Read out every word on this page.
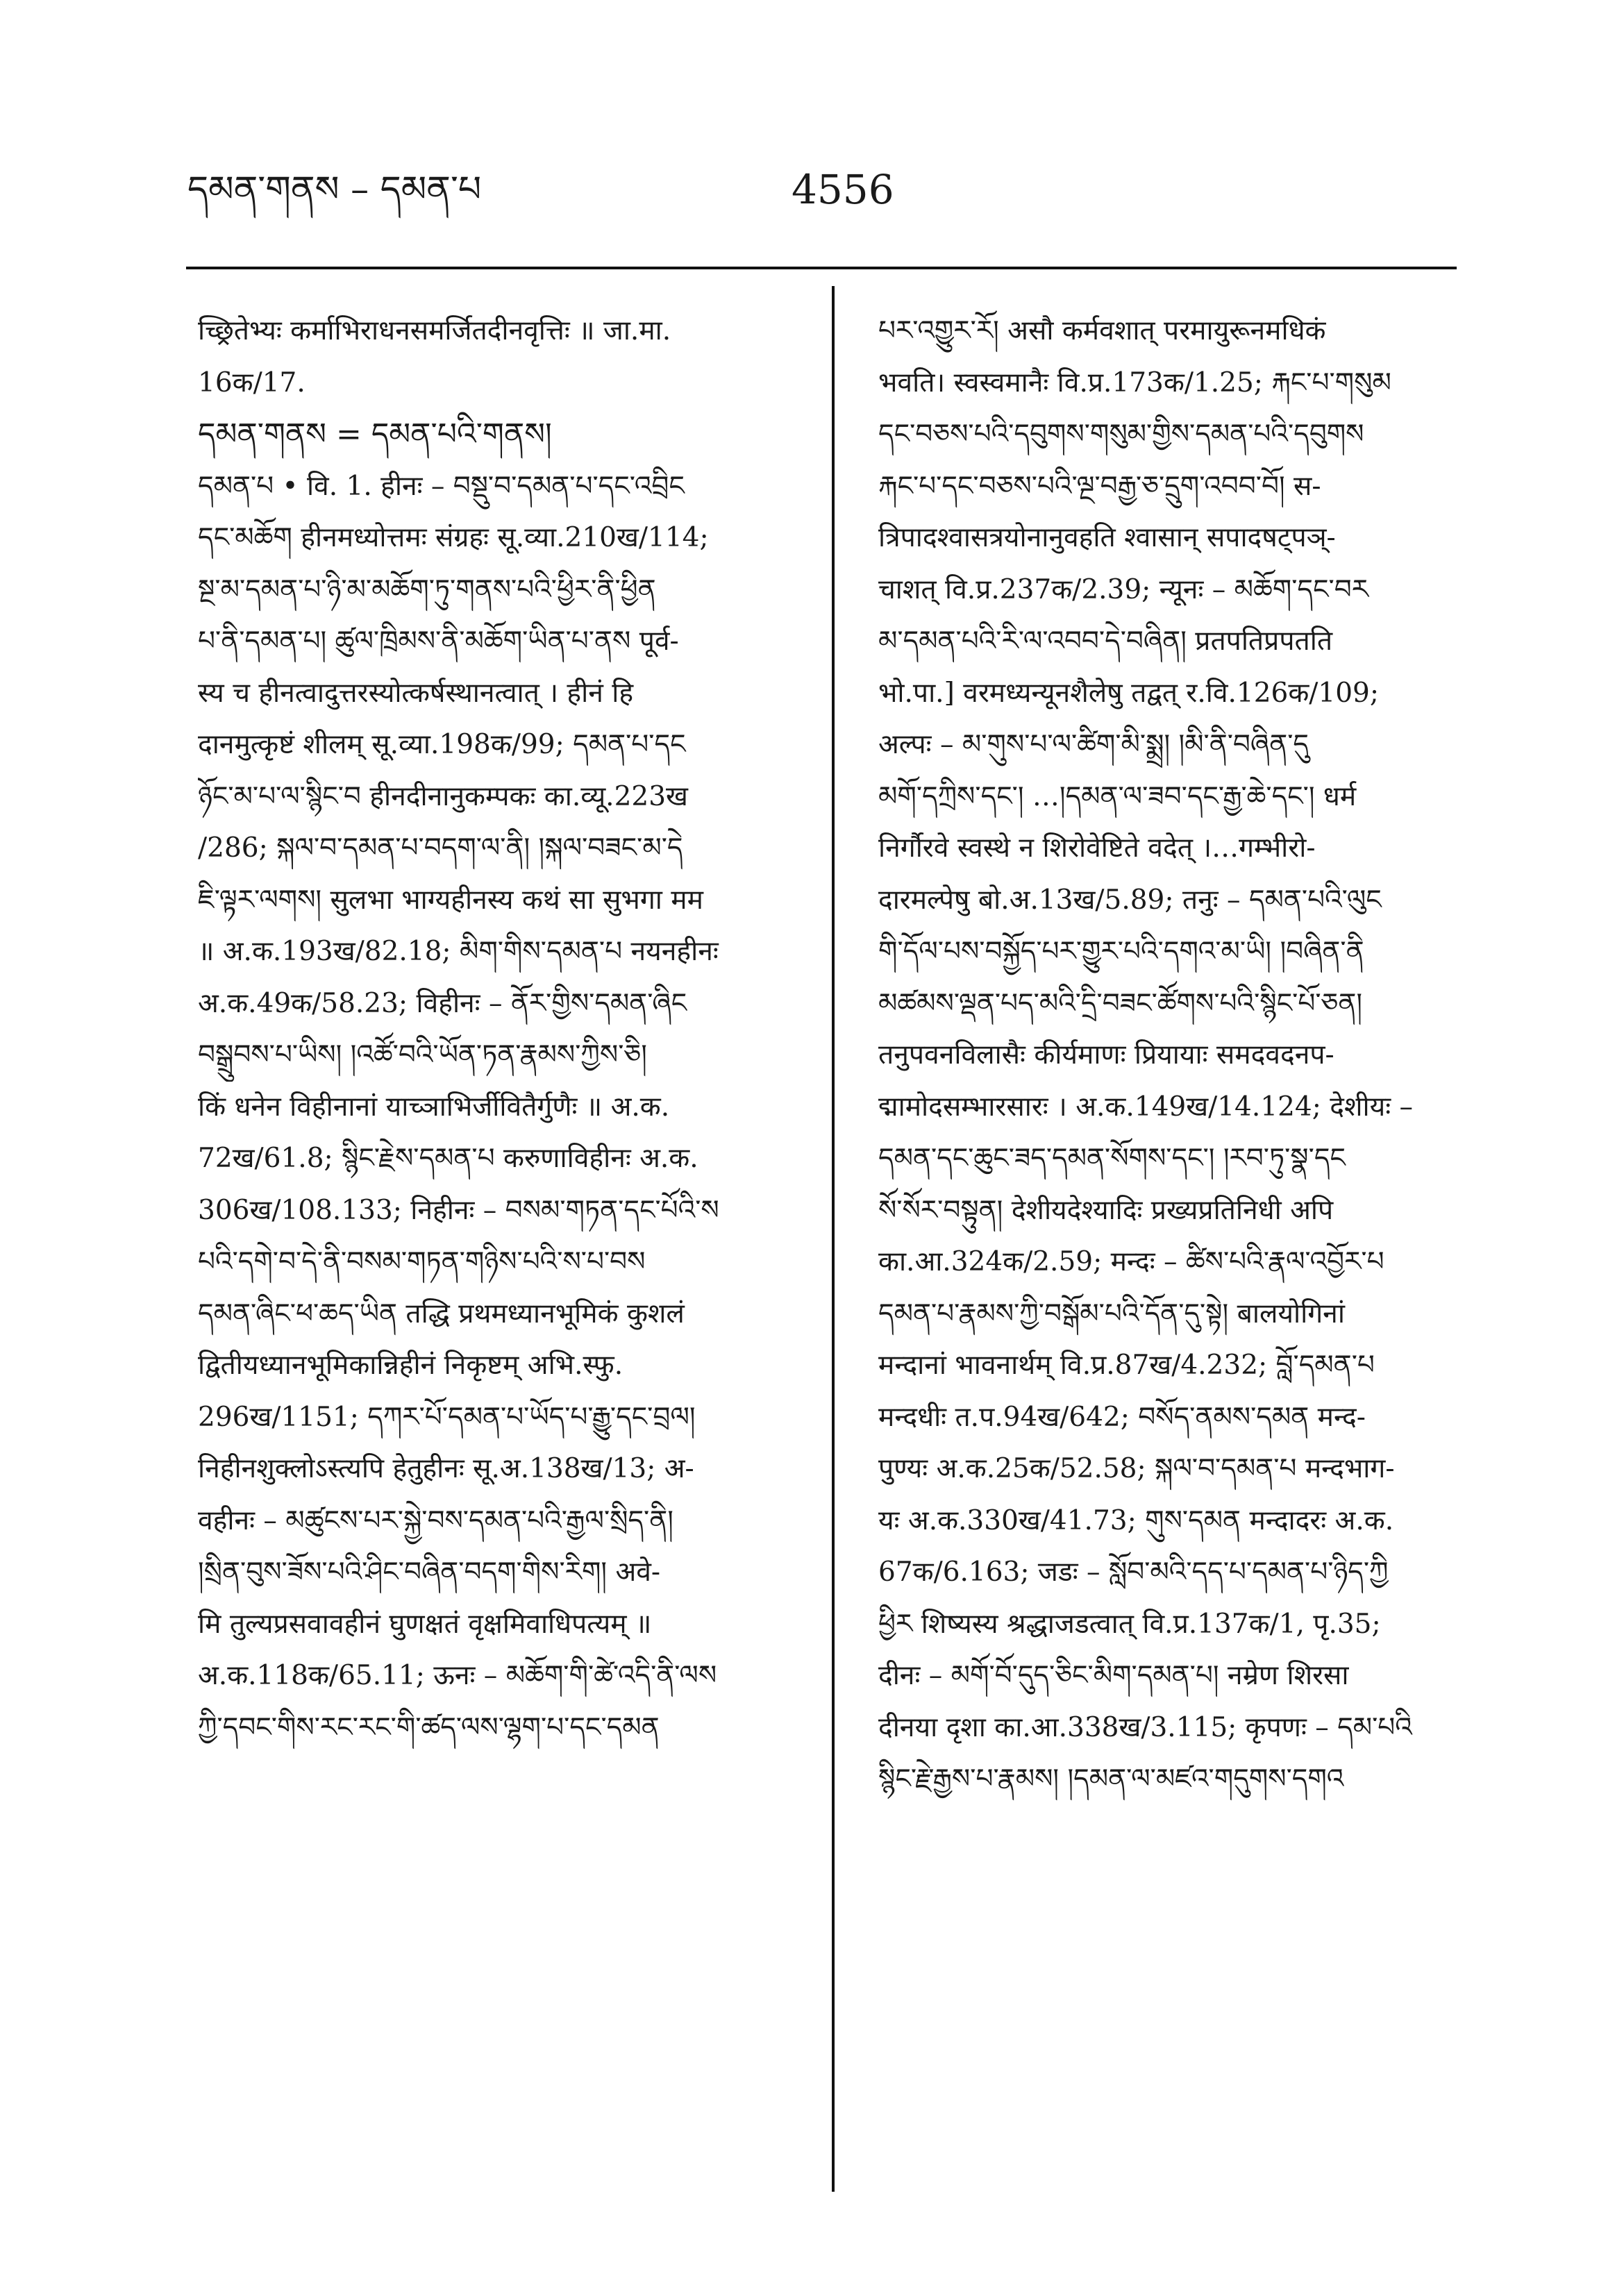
དམན་གནས – དམན་པ	4556
च्छ्रितेभ्यः कर्माभिराधनसमर्जितदीनवृत्तिः ॥ जा.मा.
16क/17.
དམན་གནས = དམན་པའི་གནས།
དམན་པ • वि. 1. हीनः – བསྡུ་བ་དམན་པ་དང་འབྲིང
དང་མཆོག हीनमध्योत्तमः संग्रहः सू.व्या.210ख/114;
སྔ་མ་དམན་པ་ཉི་མ་མཆོག་ཏུ་གནས་པའི་ཕྱིར་ནི་ཕྱིན
པ་ནི་དམན་པ། ཚུལ་ཁྲིམས་ནི་མཆོག་ཡིན་པ་ནས पूर्व-
स्य च हीनत्वादुत्तरस्योत्कर्षस्थानत्वात् । हीनं हि
दानमुत्कृष्टं शीलम् सू.व्या.198क/99; དམན་པ་དང
ཉོང་མ་པ་ལ་སྙིང་བ हीनदीनानुकम्पकः का.व्यू.223ख
/286; སྐལ་བ་དམན་པ་བདག་ལ་ནི། །སྐལ་བཟང་མ་དེ
ཇི་ལྟར་ལགས། सुलभा भाग्यहीनस्य कथं सा सुभगा मम
॥ अ.क.193ख/82.18; མིག་གིས་དམན་པ नयनहीनः
अ.क.49क/58.23; विहीनः – ནོར་གྱིས་དམན་ཞིང
བསྒྲུབས་པ་ཡིས། །འཚོ་བའི་ཡོན་ཏན་རྣམས་ཀྱིས་ཅི།
किं धनेन विहीनानां याच्ञाभिर्जीवितैर्गुणैः ॥ अ.क.
72ख/61.8; སྙིང་རྗེས་དམན་པ करुणाविहीनः अ.क.
306ख/108.133; निहीनः – བསམ་གཏན་དང་པོའི་ས
པའི་དགེ་བ་དེ་ནི་བསམ་གཏན་གཉིས་པའི་ས་པ་བས
དམན་ཞིང་ཕ་ཆད་ཡིན तद्धि प्रथमध्यानभूमिकं कुशलं
द्वितीयध्यानभूमिकान्निहीनं निकृष्टम् अभि.स्फु.
296ख/1151; དཀར་པོ་དམན་པ་ཡོད་པ་རྒྱུ་དང་བྲལ།
निहीनशुक्लोऽस्त्यपि हेतुहीनः सू.अ.138ख/13; अ-
वहीनः – མཚུངས་པར་སྐྱེ་བས་དམན་པའི་རྒྱལ་སྲིད་ནི།
།སྲིན་བུས་ཟོས་པའི་ཤིང་བཞིན་བདག་གིས་རིག། अवे-
मि तुल्यप्रसवावहीनं घुणक्षतं वृक्षमिवाधिपत्यम् ॥
अ.क.118क/65.11; ऊनः – མཆོག་གི་ཚེ་འདི་ནི་ལས
ཀྱི་དབང་གིས་རང་རང་གི་ཚད་ལས་ལྷག་པ་དང་དམན
པར་འགྱུར་རོ། असौ कर्मवशात् परमायुरूनमधिकं
भवति। स्वस्वमानैः वि.प्र.173क/1.25; རྐང་པ་གསུམ
དང་བཅས་པའི་དབུགས་གསུམ་གྱིས་དམན་པའི་དབུགས
རྐང་པ་དང་བཅས་པའི་ལྔ་བརྒྱ་ཅ་དྲུག་འབབ་བོ། स-
त्रिपादश्वासत्रयोनानुवहति श्वासान् सपादषट्पञ्-
चाशत् वि.प्र.237क/2.39; न्यूनः – མཆོག་དང་བར
མ་དམན་པའི་རི་ལ་འབབ་དེ་བཞིན། प्रतपतिप्रपतति
भो.पा.] वरमध्यन्यूनशैलेषु तद्वत् र.वि.126क/109;
अल्पः – མ་གུས་པ་ལ་ཚིག་མི་སྨྲ། །མི་ནི་བཞིན་དུ
མགོ་དཀྲིས་དང་། …།དམན་ལ་ཟབ་དང་རྒྱ་ཆེ་དང་། धर्म
निर्गौरवे स्वस्थे न शिरोवेष्टिते वदेत् ।…गम्भीरो-
दारमल्पेषु बो.अ.13ख/5.89; तनुः – དམན་པའི་ལུང
གི་དོལ་པས་བསྐྱོད་པར་གྱུར་པའི་དགའ་མ་ཡི། །བཞིན་ནི
མཚམས་ལྡན་པད་མའི་དྲི་བཟང་ཚོགས་པའི་སྙིང་པོ་ཅན།
तनुपवनविलासैः कीर्यमाणः प्रियायाः समदवदनप-
द्मामोदसम्भारसारः । अ.क.149ख/14.124; देशीयः –
དམན་དང་ཆུང་ཟད་དམན་སོགས་དང་། །རབ་ཏུ་སྣ་དང
སོ་སོར་བསྟུན། देशीयदेश्यादिः प्रख्यप्रतिनिधी अपि
का.आ.324क/2.59; मन्दः – ཚིས་པའི་རྣལ་འབྱོར་པ
དམན་པ་རྣམས་ཀྱི་བསྒོམ་པའི་དོན་དུ་སྟེ། बालयोगिनां
मन्दानां भावनार्थम् वि.प्र.87ख/4.232; བློ་དམན་པ
मन्दधीः त.प.94ख/642; བསོད་ནམས་དམན मन्द-
पुण्यः अ.क.25क/52.58; སྐལ་བ་དམན་པ मन्दभाग-
यः अ.क.330ख/41.73; གུས་དམན मन्दादरः अ.क.
67क/6.163; जडः – སློབ་མའི་དད་པ་དམན་པ་ཉིད་ཀྱི
ཕྱིར शिष्यस्य श्रद्धाजडत्वात् वि.प्र.137क/1, पृ.35;
दीनः – མགོ་བོ་དུད་ཅིང་མིག་དམན་པ། नम्रेण शिरसा
दीनया दृशा का.आ.338ख/3.115; कृपणः – དམ་པའི
སྙིང་རྗེ་རྒྱས་པ་རྣམས། །དམན་ལ་མཛའ་གདུགས་དགའ
